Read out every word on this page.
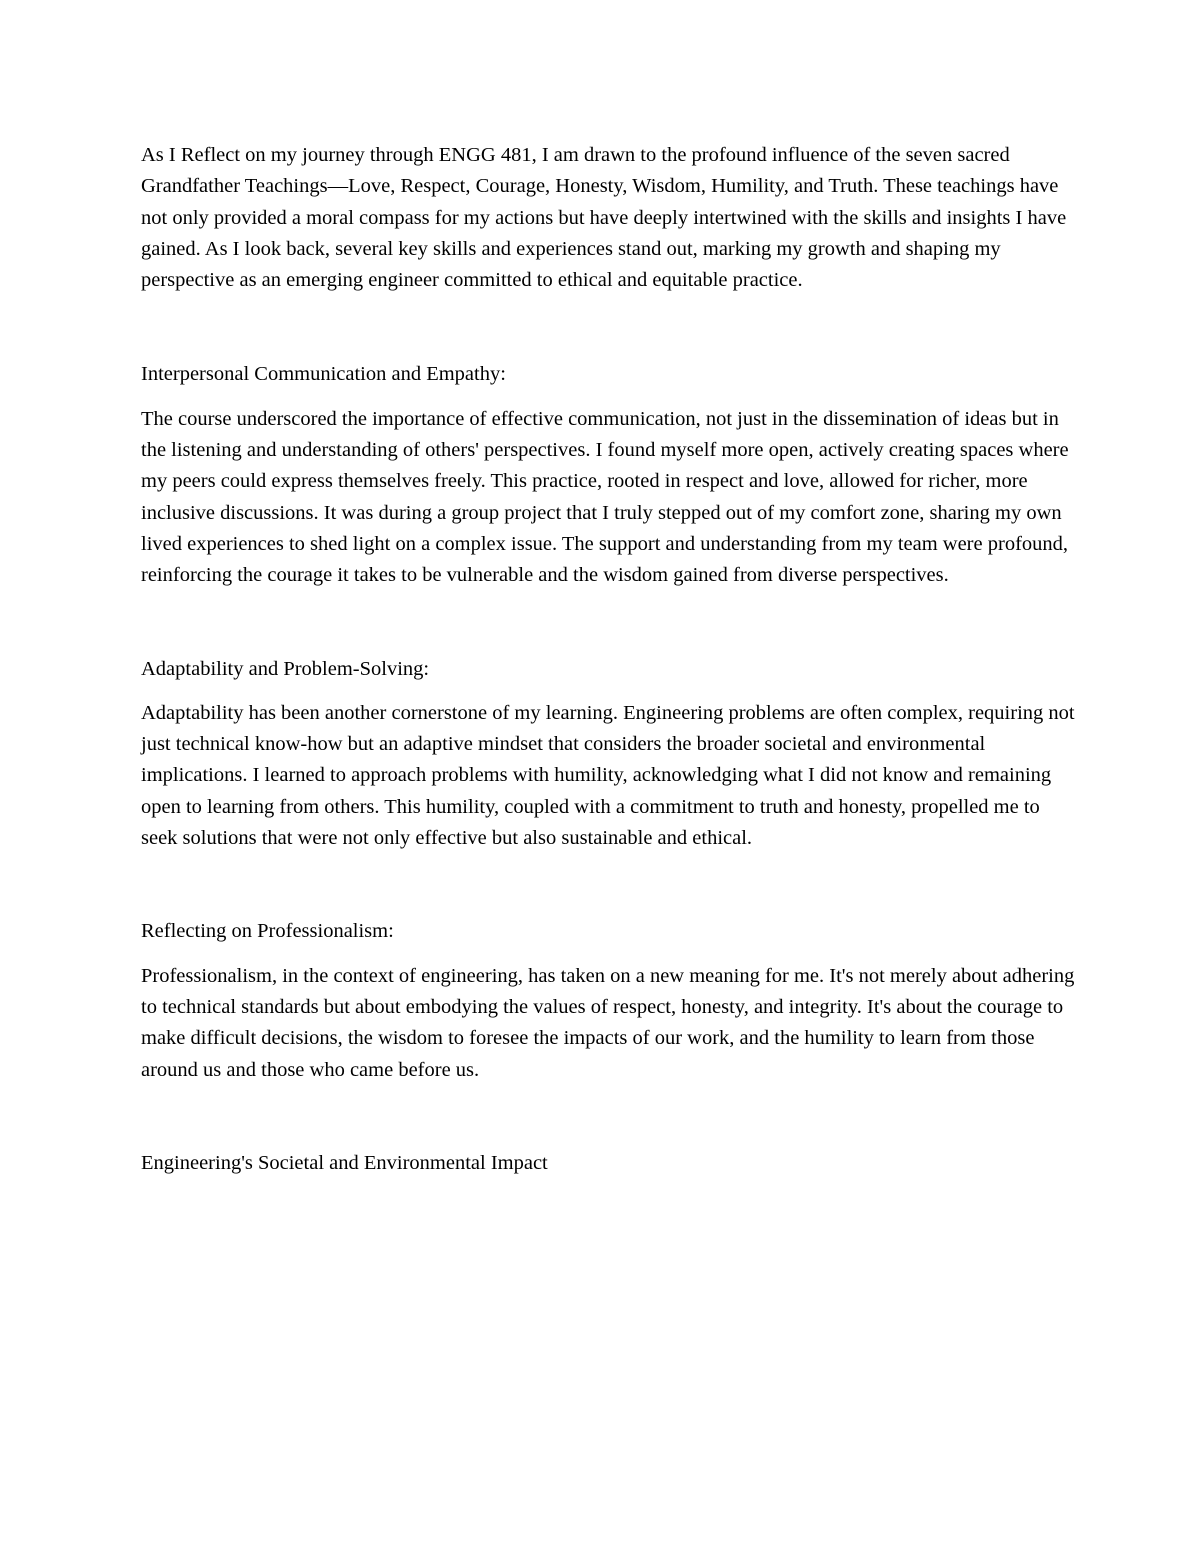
As I Reflect on my journey through ENGG 481, I am drawn to the profound influence of the seven sacred Grandfather Teachings—Love, Respect, Courage, Honesty, Wisdom, Humility, and Truth. These teachings have not only provided a moral compass for my actions but have deeply intertwined with the skills and insights I have gained. As I look back, several key skills and experiences stand out, marking my growth and shaping my perspective as an emerging engineer committed to ethical and equitable practice.

Interpersonal Communication and Empathy:

The course underscored the importance of effective communication, not just in the dissemination of ideas but in the listening and understanding of others' perspectives. I found myself more open, actively creating spaces where my peers could express themselves freely. This practice, rooted in respect and love, allowed for richer, more inclusive discussions. It was during a group project that I truly stepped out of my comfort zone, sharing my own lived experiences to shed light on a complex issue. The support and understanding from my team were profound, reinforcing the courage it takes to be vulnerable and the wisdom gained from diverse perspectives.

Adaptability and Problem-Solving:

Adaptability has been another cornerstone of my learning. Engineering problems are often complex, requiring not just technical know-how but an adaptive mindset that considers the broader societal and environmental implications. I learned to approach problems with humility, acknowledging what I did not know and remaining open to learning from others. This humility, coupled with a commitment to truth and honesty, propelled me to seek solutions that were not only effective but also sustainable and ethical.

Reflecting on Professionalism:

Professionalism, in the context of engineering, has taken on a new meaning for me. It's not merely about adhering to technical standards but about embodying the values of respect, honesty, and integrity. It's about the courage to make difficult decisions, the wisdom to foresee the impacts of our work, and the humility to learn from those around us and those who came before us.

Engineering's Societal and Environmental Impact
